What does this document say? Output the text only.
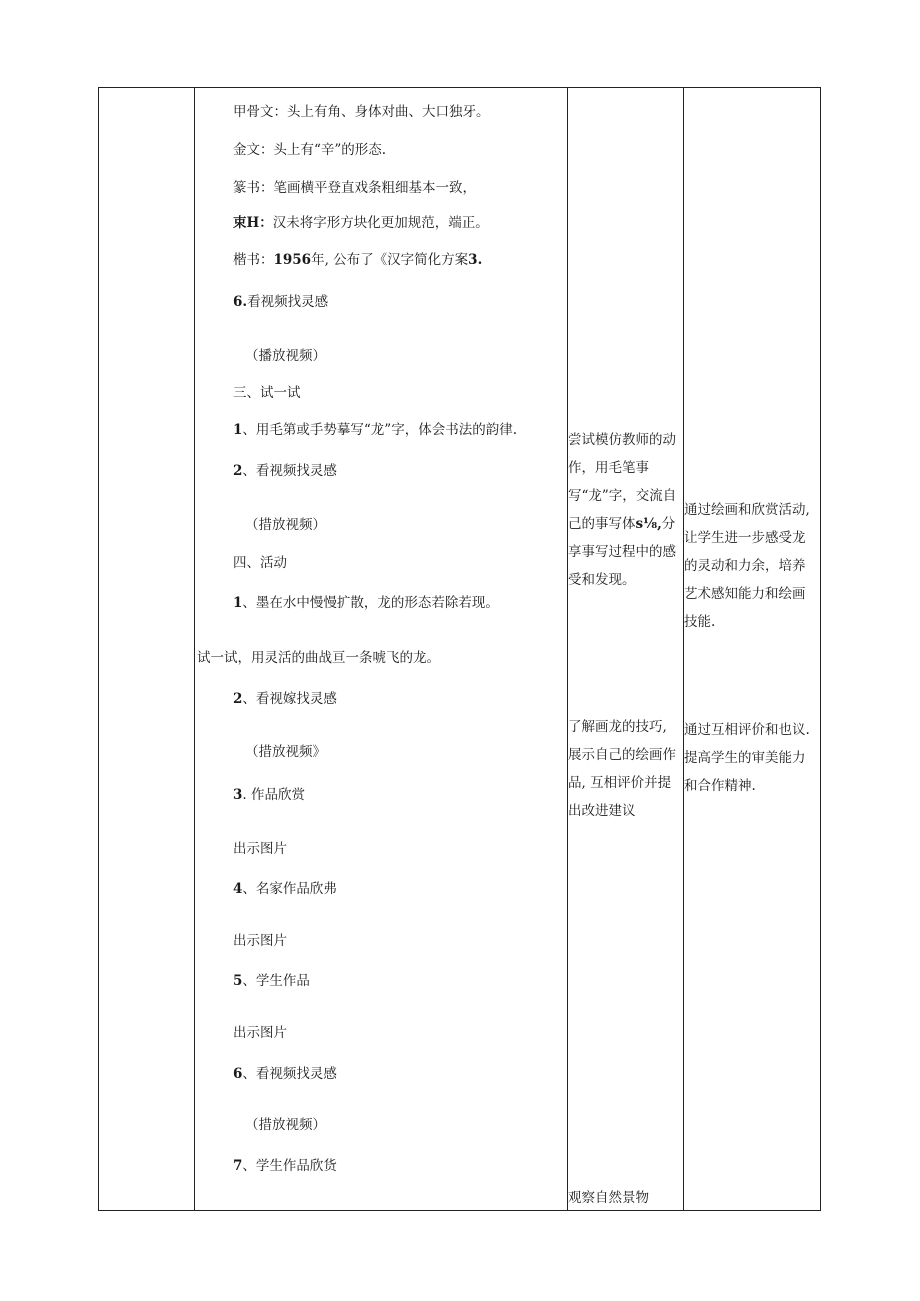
甲骨文：头上有角、身体对曲、大口独牙。
金文：头上有“辛”的形态.
篆书：笔画横平登直戏条粗细基本一致，
束H：汉未将字形方块化更加规范，端正。
楷书：1956年, 公布了《汉字简化方案3.
6.看视频找灵感
（播放视频）
三、试一试
1、用毛第或手势摹写“龙”字，体会书法的韵律.
2、看视频找灵感
（措放视频）
四、活动
1、墨在水中慢慢扩散，龙的形态若除若现。
试一试，用灵活的曲战亘一条唬飞的龙。
2、看视嫁找灵感
（措放视频》
3. 作品欣赏
出示图片
4、名家作品欣弗
出示图片
5、学生作品
出示图片
6、看视频找灵感
（措放视频）
7、学生作品欣货
尝试模仿教师的动作，用毛笔事写“龙”字，交流自己的事写体s⅛,分享事写过程中的感受和发现。
了解画龙的技巧,展示自己的绘画作品, 互相评价并提出改进建议
观察自然景物
通过绘画和欣赏活动,让学生进一步感受龙的灵动和力余，培养艺术感知能力和绘画技能.
通过互相评价和也议. 提高学生的审美能力和合作精神.
